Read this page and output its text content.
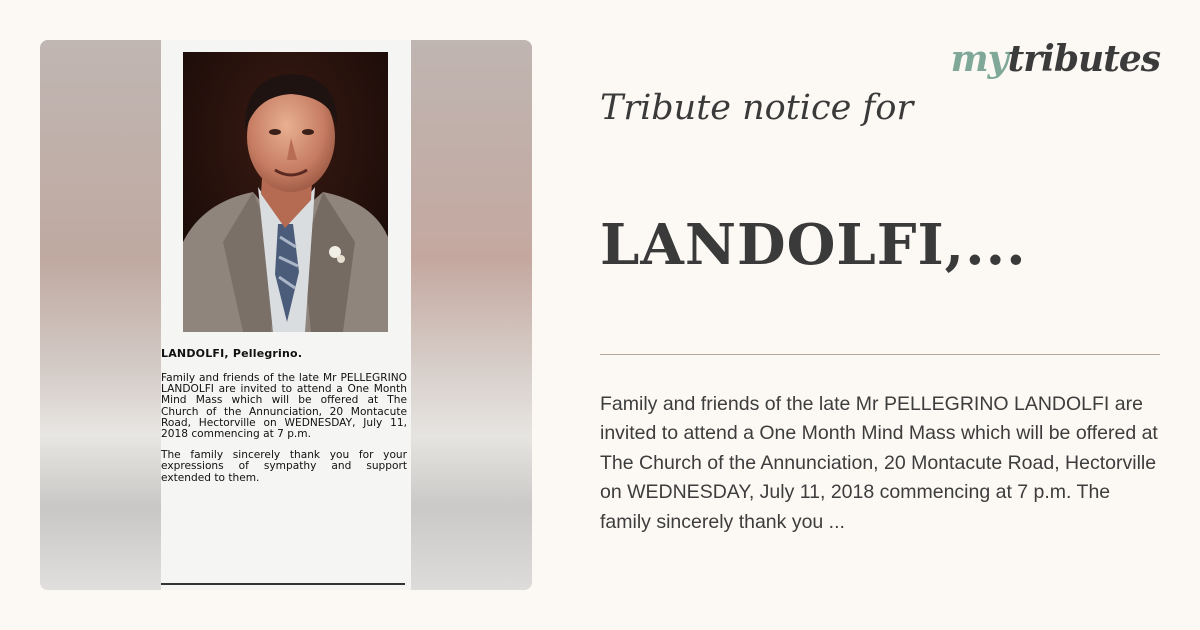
LANDOLFI, Pellegrino.

Family and friends of the late Mr PELLEGRINO LANDOLFI are invited to attend a One Month Mind Mass which will be offered at The Church of the Annunciation, 20 Montacute Road, Hectorville on WEDNESDAY, July 11, 2018 commencing at 7 p.m.

The family sincerely thank you for your expressions of sympathy and support extended to them.

mytributes
Tribute notice for
LANDOLFI,...
Family and friends of the late Mr PELLEGRINO LANDOLFI are invited to attend a One Month Mind Mass which will be offered at The Church of the Annunciation, 20 Montacute Road, Hectorville on WEDNESDAY, July 11, 2018 commencing at 7 p.m. The family sincerely thank you ...
